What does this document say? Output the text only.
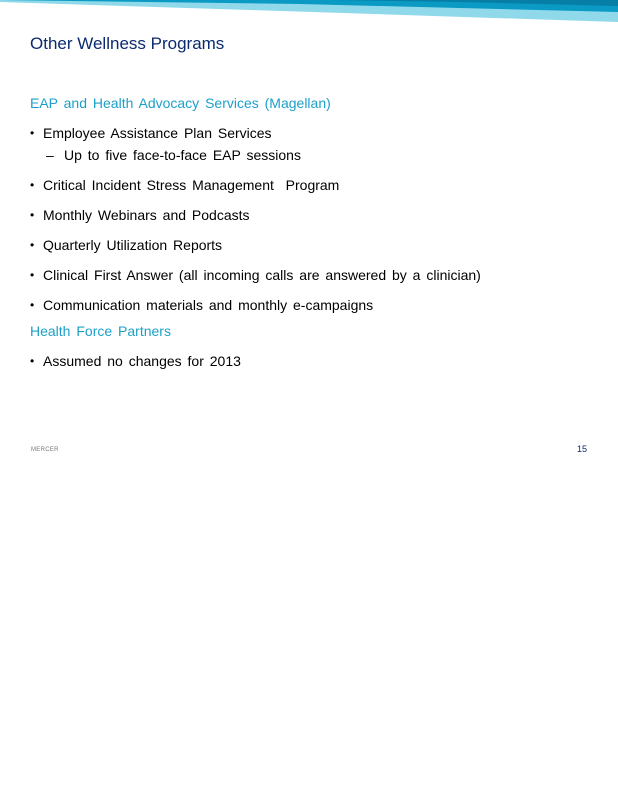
Other Wellness Programs
EAP and Health Advocacy Services (Magellan)
• Employee Assistance Plan Services
– Up to five face-to-face EAP sessions
• Critical Incident Stress Management  Program
• Monthly Webinars and Podcasts
• Quarterly Utilization Reports
• Clinical First Answer (all incoming calls are answered by a clinician)
• Communication materials and monthly e-campaigns
Health Force Partners
• Assumed no changes for 2013
MERCER	15
